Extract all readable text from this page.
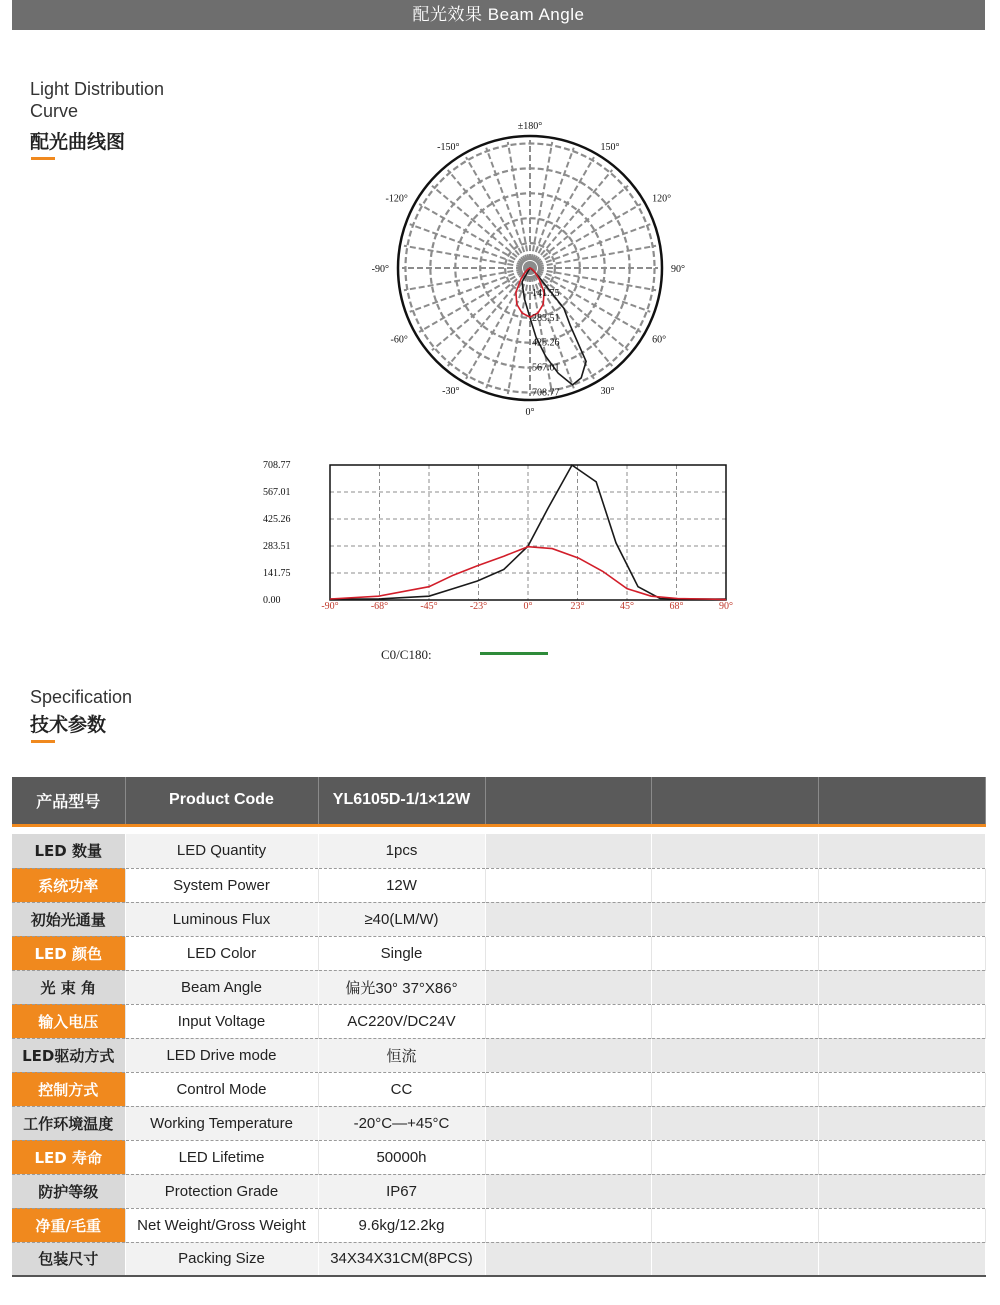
配光效果 Beam Angle
Light Distribution
Curve
配光曲线图
±180°
150°
120°
90°
60°
30°
0°
-30°
-60°
-90°
-120°
-150°
141.75
283.51
425.26
567.01
708.77
708.77
567.01
425.26
283.51
141.75
0.00
-90°	-68°	-45°	-23°	0°	23°	45°	68°	90°
C0/C180:
Specification
技术参数
产品型号	Product Code	YL6105D-1/1×12W			

LED 数量	LED Quantity	1pcs			
系统功率	System Power	12W			
初始光通量	Luminous Flux	≥40(LM/W)			
LED 颜色	LED Color	Single			
光 束 角	Beam Angle	偏光30° 37°X86°			
输入电压	Input Voltage	AC220V/DC24V			
LED驱动方式	LED Drive mode	恒流			
控制方式	Control Mode	CC			
工作环境温度	Working Temperature	-20°C—+45°C			
LED 寿命	LED Lifetime	50000h			
防护等级	Protection Grade	IP67			
净重/毛重	Net Weight/Gross Weight	9.6kg/12.2kg			
包装尺寸	Packing Size	34X34X31CM(8PCS)			
